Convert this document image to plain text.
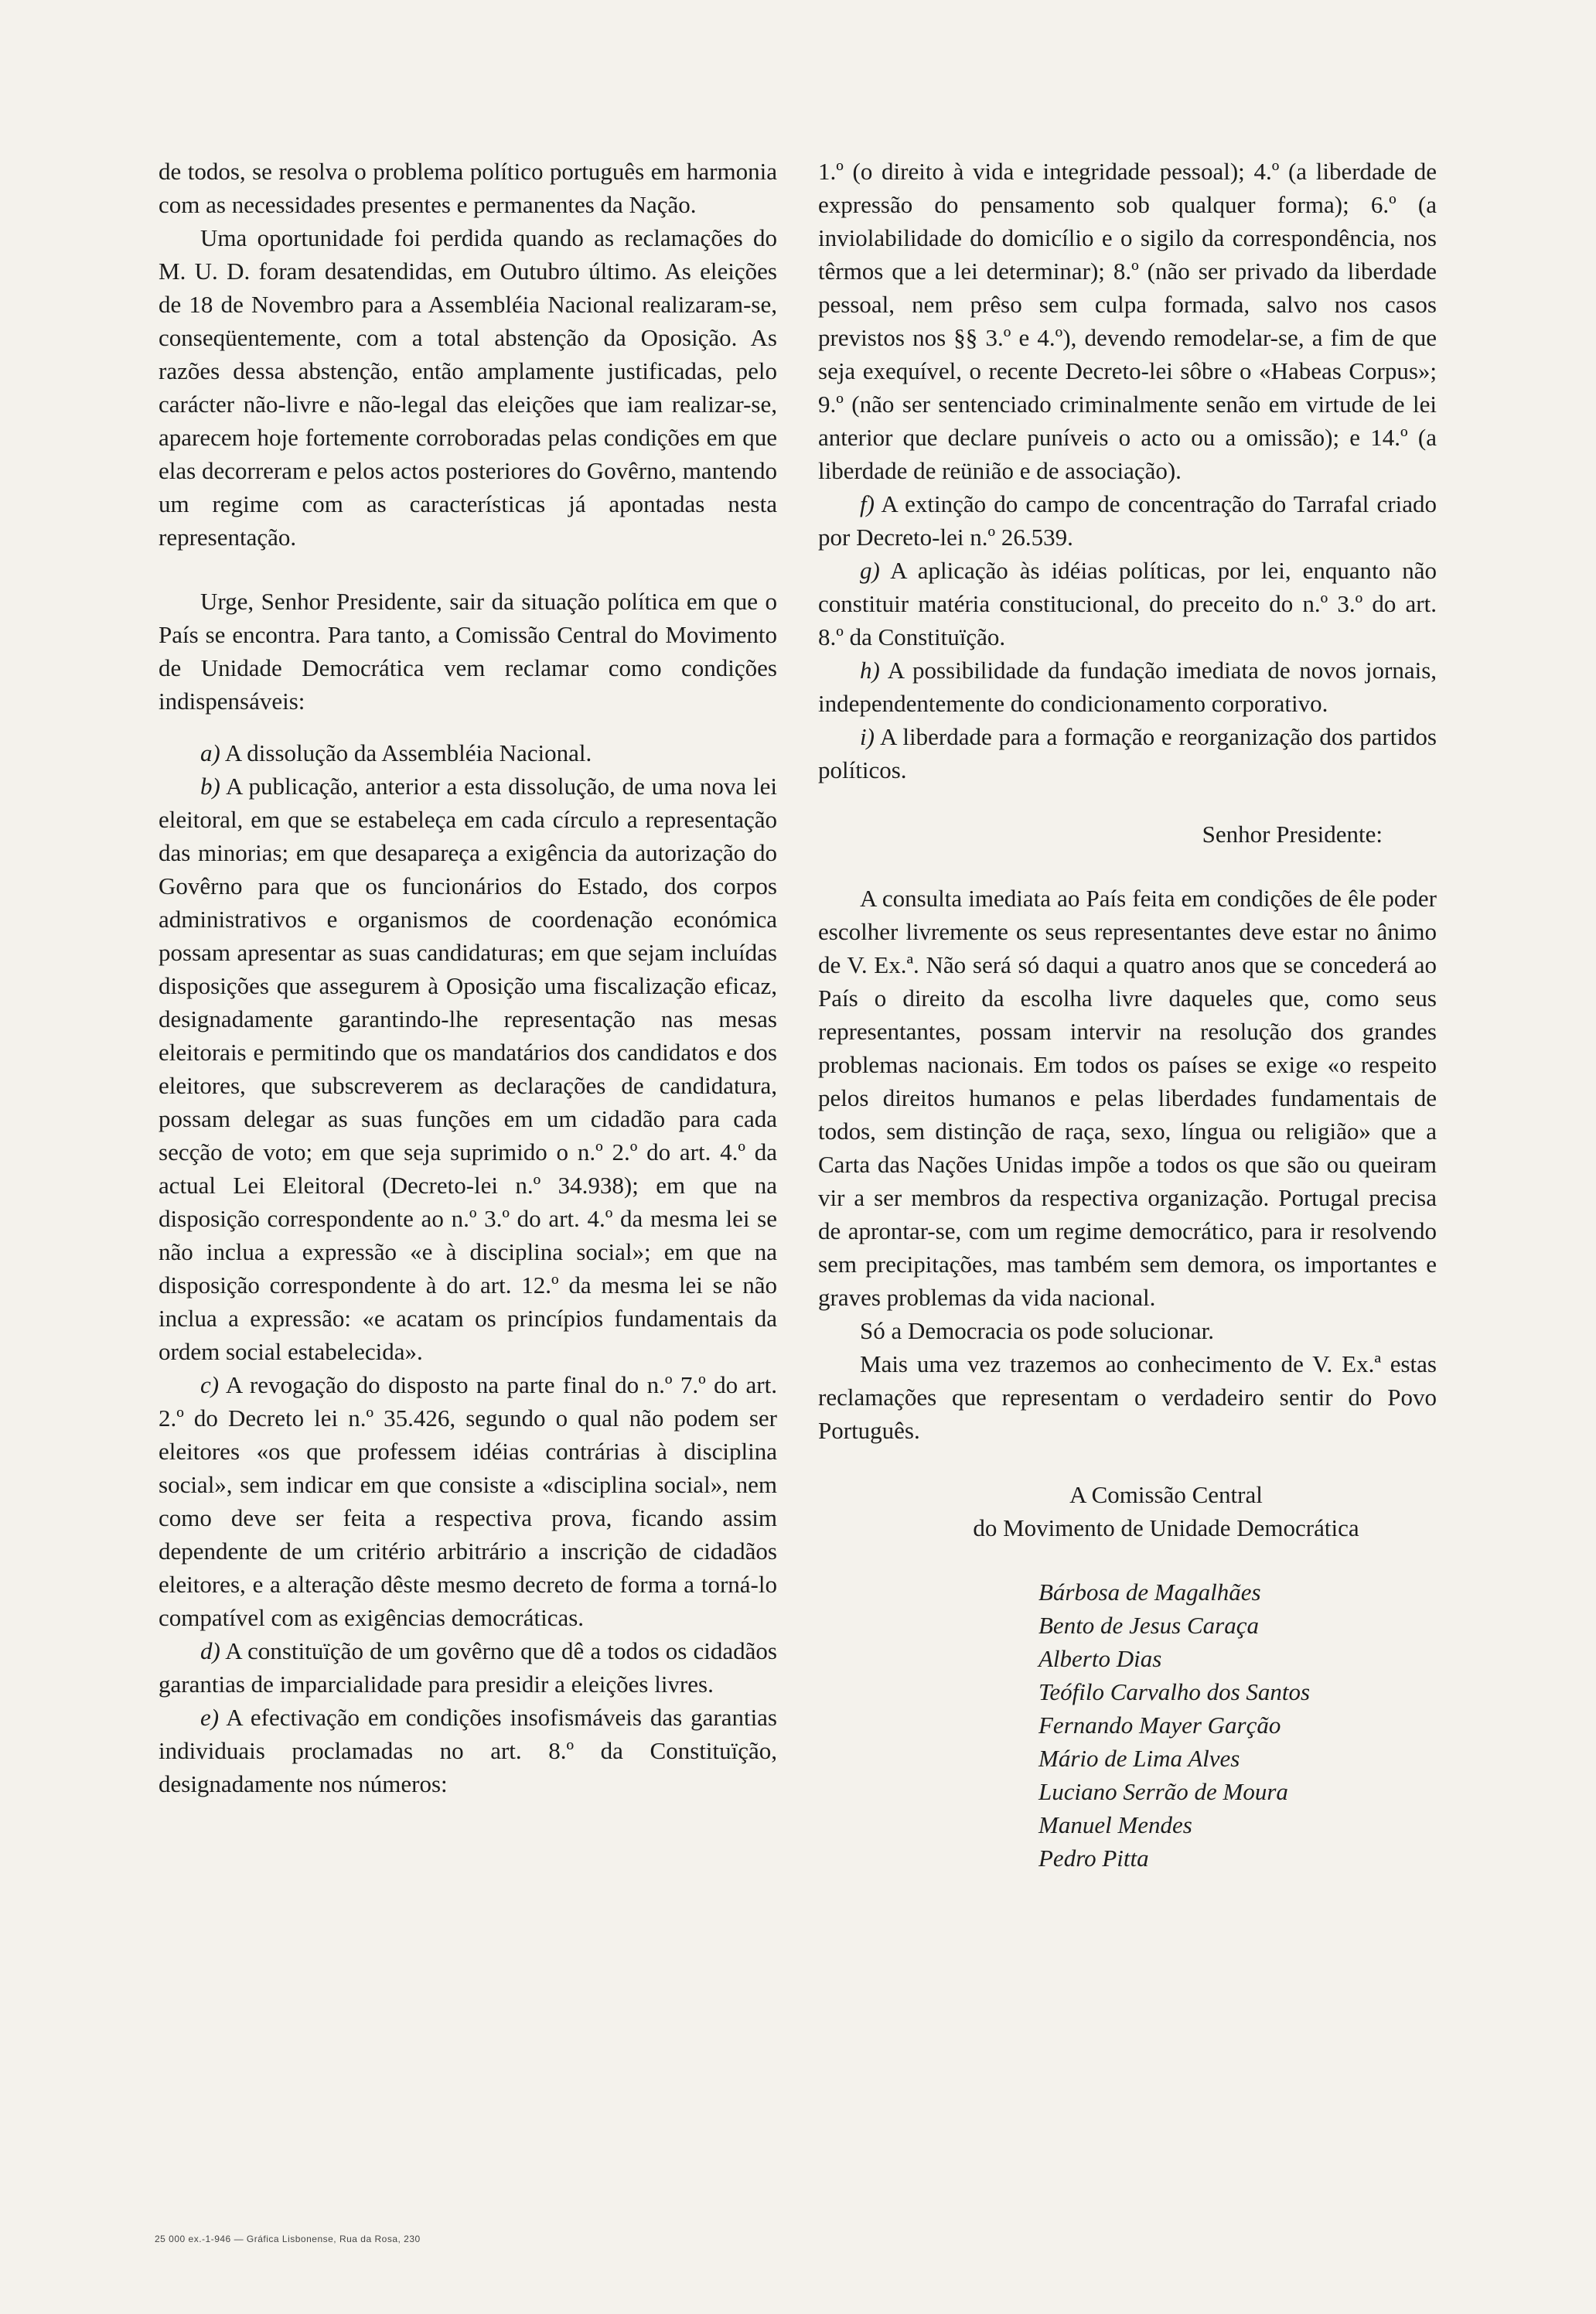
de todos, se resolva o problema político português em harmonia com as necessidades presentes e permanentes da Nação.

Uma oportunidade foi perdida quando as reclamações do M. U. D. foram desatendidas, em Outubro último. As eleições de 18 de Novembro para a Assembléia Nacional realizaram-se, conseqüentemente, com a total abstenção da Oposição. As razões dessa abstenção, então amplamente justificadas, pelo carácter não-livre e não-legal das eleições que iam realizar-se, aparecem hoje fortemente corroboradas pelas condições em que elas decorreram e pelos actos posteriores do Govêrno, mantendo um regime com as características já apontadas nesta representação.

Urge, Senhor Presidente, sair da situação política em que o País se encontra. Para tanto, a Comissão Central do Movimento de Unidade Democrática vem reclamar como condições indispensáveis:

a) A dissolução da Assembléia Nacional.

b) A publicação, anterior a esta dissolução, de uma nova lei eleitoral, em que se estabeleça em cada círculo a representação das minorias; em que desapareça a exigência da autorização do Govêrno para que os funcionários do Estado, dos corpos administrativos e organismos de coordenação económica possam apresentar as suas candidaturas; em que sejam incluídas disposições que assegurem à Oposição uma fiscalização eficaz, designadamente garantindo-lhe representação nas mesas eleitorais e permitindo que os mandatários dos candidatos e dos eleitores, que subscreverem as declarações de candidatura, possam delegar as suas funções em um cidadão para cada secção de voto; em que seja suprimido o n.º 2.º do art. 4.º da actual Lei Eleitoral (Decreto-lei n.º 34.938); em que na disposição correspondente ao n.º 3.º do art. 4.º da mesma lei se não inclua a expressão «e à disciplina social»; em que na disposição correspondente à do art. 12.º da mesma lei se não inclua a expressão: «e acatam os princípios fundamentais da ordem social estabelecida».

c) A revogação do disposto na parte final do n.º 7.º do art. 2.º do Decreto lei n.º 35.426, segundo o qual não podem ser eleitores «os que professem idéias contrárias à disciplina social», sem indicar em que consiste a «disciplina social», nem como deve ser feita a respectiva prova, ficando assim dependente de um critério arbitrário a inscrição de cidadãos eleitores, e a alteração dêste mesmo decreto de forma a torná-lo compatível com as exigências democráticas.

d) A constituïção de um govêrno que dê a todos os cidadãos garantias de imparcialidade para presidir a eleições livres.

e) A efectivação em condições insofismáveis das garantias individuais proclamadas no art. 8.º da Constituïção, designadamente nos números:

1.º (o direito à vida e integridade pessoal); 4.º (a liberdade de expressão do pensamento sob qualquer forma); 6.º (a inviolabilidade do domicílio e o sigilo da correspondência, nos têrmos que a lei determinar); 8.º (não ser privado da liberdade pessoal, nem prêso sem culpa formada, salvo nos casos previstos nos §§ 3.º e 4.º), devendo remodelar-se, a fim de que seja exequível, o recente Decreto-lei sôbre o «Habeas Corpus»; 9.º (não ser sentenciado criminalmente senão em virtude de lei anterior que declare puníveis o acto ou a omissão); e 14.º (a liberdade de reünião e de associação).

f) A extinção do campo de concentração do Tarrafal criado por Decreto-lei n.º 26.539.

g) A aplicação às idéias políticas, por lei, enquanto não constituir matéria constitucional, do preceito do n.º 3.º do art. 8.º da Constituïção.

h) A possibilidade da fundação imediata de novos jornais, independentemente do condicionamento corporativo.

i) A liberdade para a formação e reorganização dos partidos políticos.

Senhor Presidente:

A consulta imediata ao País feita em condições de êle poder escolher livremente os seus representantes deve estar no ânimo de V. Ex.ª. Não será só daqui a quatro anos que se concederá ao País o direito da escolha livre daqueles que, como seus representantes, possam intervir na resolução dos grandes problemas nacionais. Em todos os países se exige «o respeito pelos direitos humanos e pelas liberdades fundamentais de todos, sem distinção de raça, sexo, língua ou religião» que a Carta das Nações Unidas impõe a todos os que são ou queiram vir a ser membros da respectiva organização. Portugal precisa de aprontar-se, com um regime democrático, para ir resolvendo sem precipitações, mas também sem demora, os importantes e graves problemas da vida nacional.

Só a Democracia os pode solucionar.

Mais uma vez trazemos ao conhecimento de V. Ex.ª estas reclamações que representam o verdadeiro sentir do Povo Português.

A Comissão Central

do Movimento de Unidade Democrática

Bárbosa de Magalhães
Bento de Jesus Caraça
Alberto Dias
Teófilo Carvalho dos Santos
Fernando Mayer Garção
Mário de Lima Alves
Luciano Serrão de Moura
Manuel Mendes
Pedro Pitta
25 000 ex.-1-946 — Gráfica Lisbonense, Rua da Rosa, 230
